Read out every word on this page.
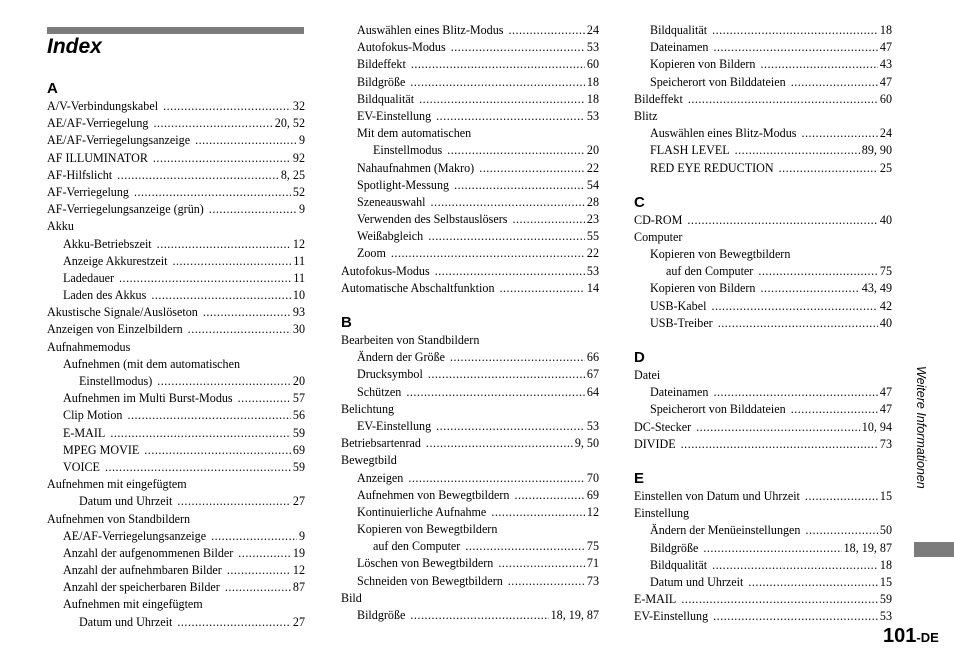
Index
A
A/V-Verbindungskabel .....	32
AE/AF-Verriegelung .....	20, 52
AE/AF-Verriegelungsanzeige .....	9
AF ILLUMINATOR .....	92
AF-Hilfslicht .....	8, 25
AF-Verriegelung .....	52
AF-Verriegelungsanzeige (grün) .....	9
Akku
Akku-Betriebszeit .....	12
Anzeige Akkurestzeit .....	11
Ladedauer .....	11
Laden des Akkus .....	10
Akustische Signale/Auslöseton .....	93
Anzeigen von Einzelbildern .....	30
Aufnahmemodus
Aufnehmen (mit dem automatischen
Einstellmodus) .....	20
Aufnehmen im Multi Burst-Modus .....	57
Clip Motion .....	56
E-MAIL .....	59
MPEG MOVIE .....	69
VOICE .....	59
Aufnehmen mit eingefügtem
Datum und Uhrzeit .....	27
Aufnehmen von Standbildern
AE/AF-Verriegelungsanzeige .....	9
Anzahl der aufgenommenen Bilder .....	19
Anzahl der aufnehmbaren Bilder .....	12
Anzahl der speicherbaren Bilder .....	87
Aufnehmen mit eingefügtem
Datum und Uhrzeit .....	27
Auswählen eines Blitz-Modus .....	24
Autofokus-Modus .....	53
Bildeffekt .....	60
Bildgröße .....	18
Bildqualität .....	18
EV-Einstellung .....	53
Mit dem automatischen
Einstellmodus .....	20
Nahaufnahmen (Makro) .....	22
Spotlight-Messung .....	54
Szeneauswahl .....	28
Verwenden des Selbstauslösers .....	23
Weißabgleich .....	55
Zoom .....	22
Autofokus-Modus .....	53
Automatische Abschaltfunktion .....	14
B
Bearbeiten von Standbildern
Ändern der Größe .....	66
Drucksymbol .....	67
Schützen .....	64
Belichtung
EV-Einstellung .....	53
Betriebsartenrad .....	9, 50
Bewegtbild
Anzeigen .....	70
Aufnehmen von Bewegtbildern .....	69
Kontinuierliche Aufnahme .....	12
Kopieren von Bewegtbildern
auf den Computer .....	75
Löschen von Bewegtbildern .....	71
Schneiden von Bewegtbildern .....	73
Bild
Bildgröße .....	18, 19, 87
Bildqualität .....	18
Dateinamen .....	47
Kopieren von Bildern .....	43
Speicherort von Bilddateien .....	47
Bildeffekt .....	60
Blitz
Auswählen eines Blitz-Modus .....	24
FLASH LEVEL .....	89, 90
RED EYE REDUCTION .....	25
C
CD-ROM .....	40
Computer
Kopieren von Bewegtbildern
auf den Computer .....	75
Kopieren von Bildern .....	43, 49
USB-Kabel .....	42
USB-Treiber .....	40
D
Datei
Dateinamen .....	47
Speicherort von Bilddateien .....	47
DC-Stecker .....	10, 94
DIVIDE .....	73
E
Einstellen von Datum und Uhrzeit .....	15
Einstellung
Ändern der Menüeinstellungen .....	50
Bildgröße .....	18, 19, 87
Bildqualität .....	18
Datum und Uhrzeit .....	15
E-MAIL .....	59
EV-Einstellung .....	53
Weitere Informationen
101-DE
